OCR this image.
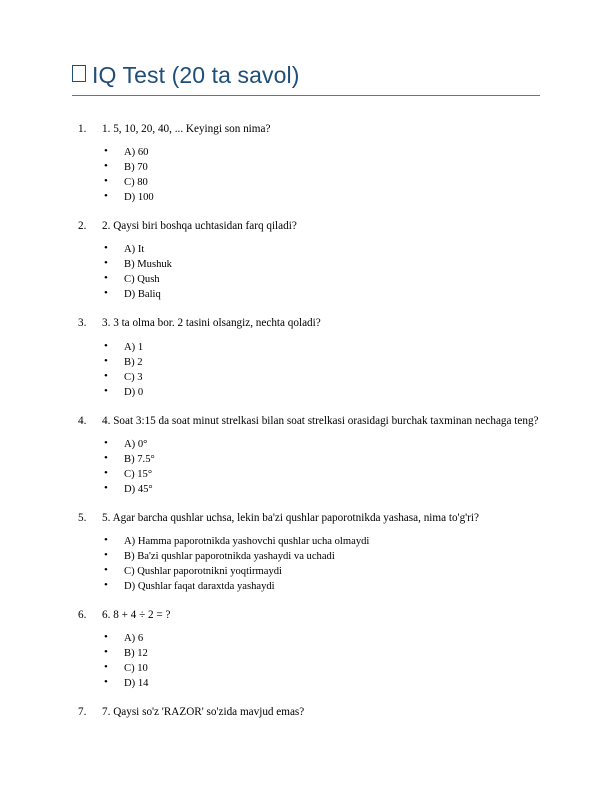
IQ Test (20 ta savol)
1. 1. 5, 10, 20, 40, ... Keyingi son nima?
• A) 60
• B) 70
• C) 80
• D) 100
2. 2. Qaysi biri boshqa uchtasidan farq qiladi?
• A) It
• B) Mushuk
• C) Qush
• D) Baliq
3. 3. 3 ta olma bor. 2 tasini olsangiz, nechta qoladi?
• A) 1
• B) 2
• C) 3
• D) 0
4. 4. Soat 3:15 da soat minut strelkasi bilan soat strelkasi orasidagi burchak taxminan nechaga teng?
• A) 0°
• B) 7.5°
• C) 15°
• D) 45°
5. 5. Agar barcha qushlar uchsa, lekin ba'zi qushlar paporotnikda yashasa, nima to'g'ri?
• A) Hamma paporotnikda yashovchi qushlar ucha olmaydi
• B) Ba'zi qushlar paporotnikda yashaydi va uchadi
• C) Qushlar paporotnikni yoqtirmaydi
• D) Qushlar faqat daraxtda yashaydi
6. 6. 8 + 4 ÷ 2 = ?
• A) 6
• B) 12
• C) 10
• D) 14
7. 7. Qaysi so'z 'RAZOR' so'zida mavjud emas?
